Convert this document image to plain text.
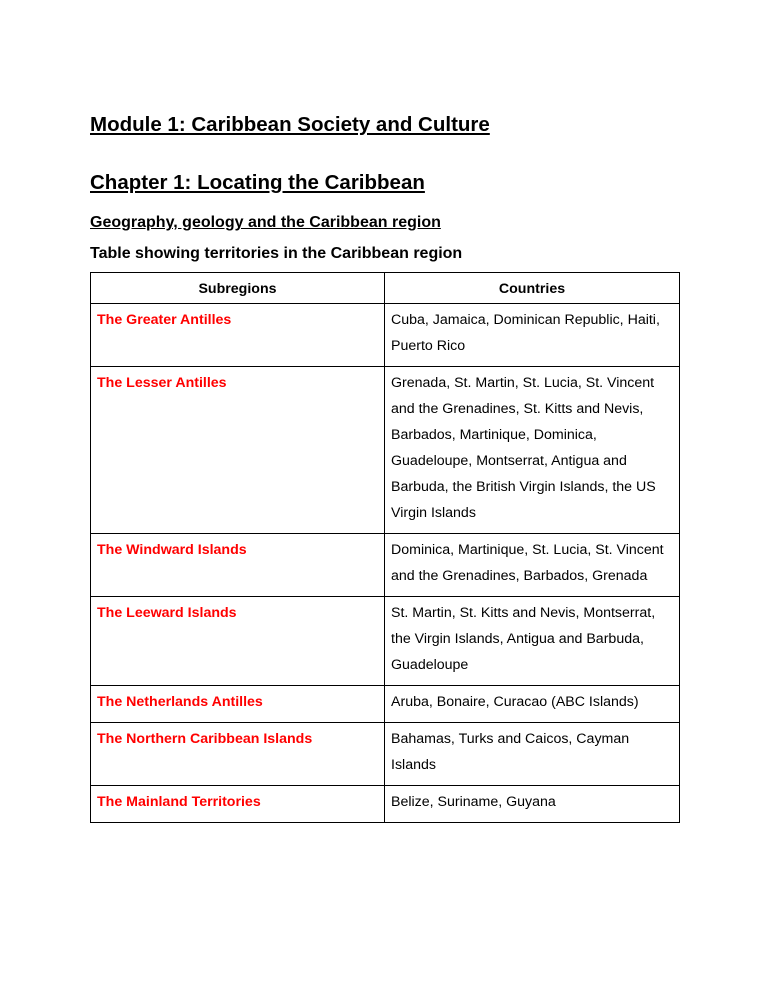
Module 1: Caribbean Society and Culture
Chapter 1: Locating the Caribbean
Geography, geology and the Caribbean region

Table showing territories in the Caribbean region

Subregions	Countries
The Greater Antilles	Cuba, Jamaica, Dominican Republic, Haiti, Puerto Rico
The Lesser Antilles	Grenada, St. Martin, St. Lucia, St. Vincent and the Grenadines, St. Kitts and Nevis, Barbados, Martinique, Dominica, Guadeloupe, Montserrat, Antigua and Barbuda, the British Virgin Islands, the US Virgin Islands
The Windward Islands	Dominica, Martinique, St. Lucia, St. Vincent and the Grenadines, Barbados, Grenada
The Leeward Islands	St. Martin, St. Kitts and Nevis, Montserrat, the Virgin Islands, Antigua and Barbuda, Guadeloupe
The Netherlands Antilles	Aruba, Bonaire, Curacao (ABC Islands)
The Northern Caribbean Islands	Bahamas, Turks and Caicos, Cayman Islands
The Mainland Territories	Belize, Suriname, Guyana
